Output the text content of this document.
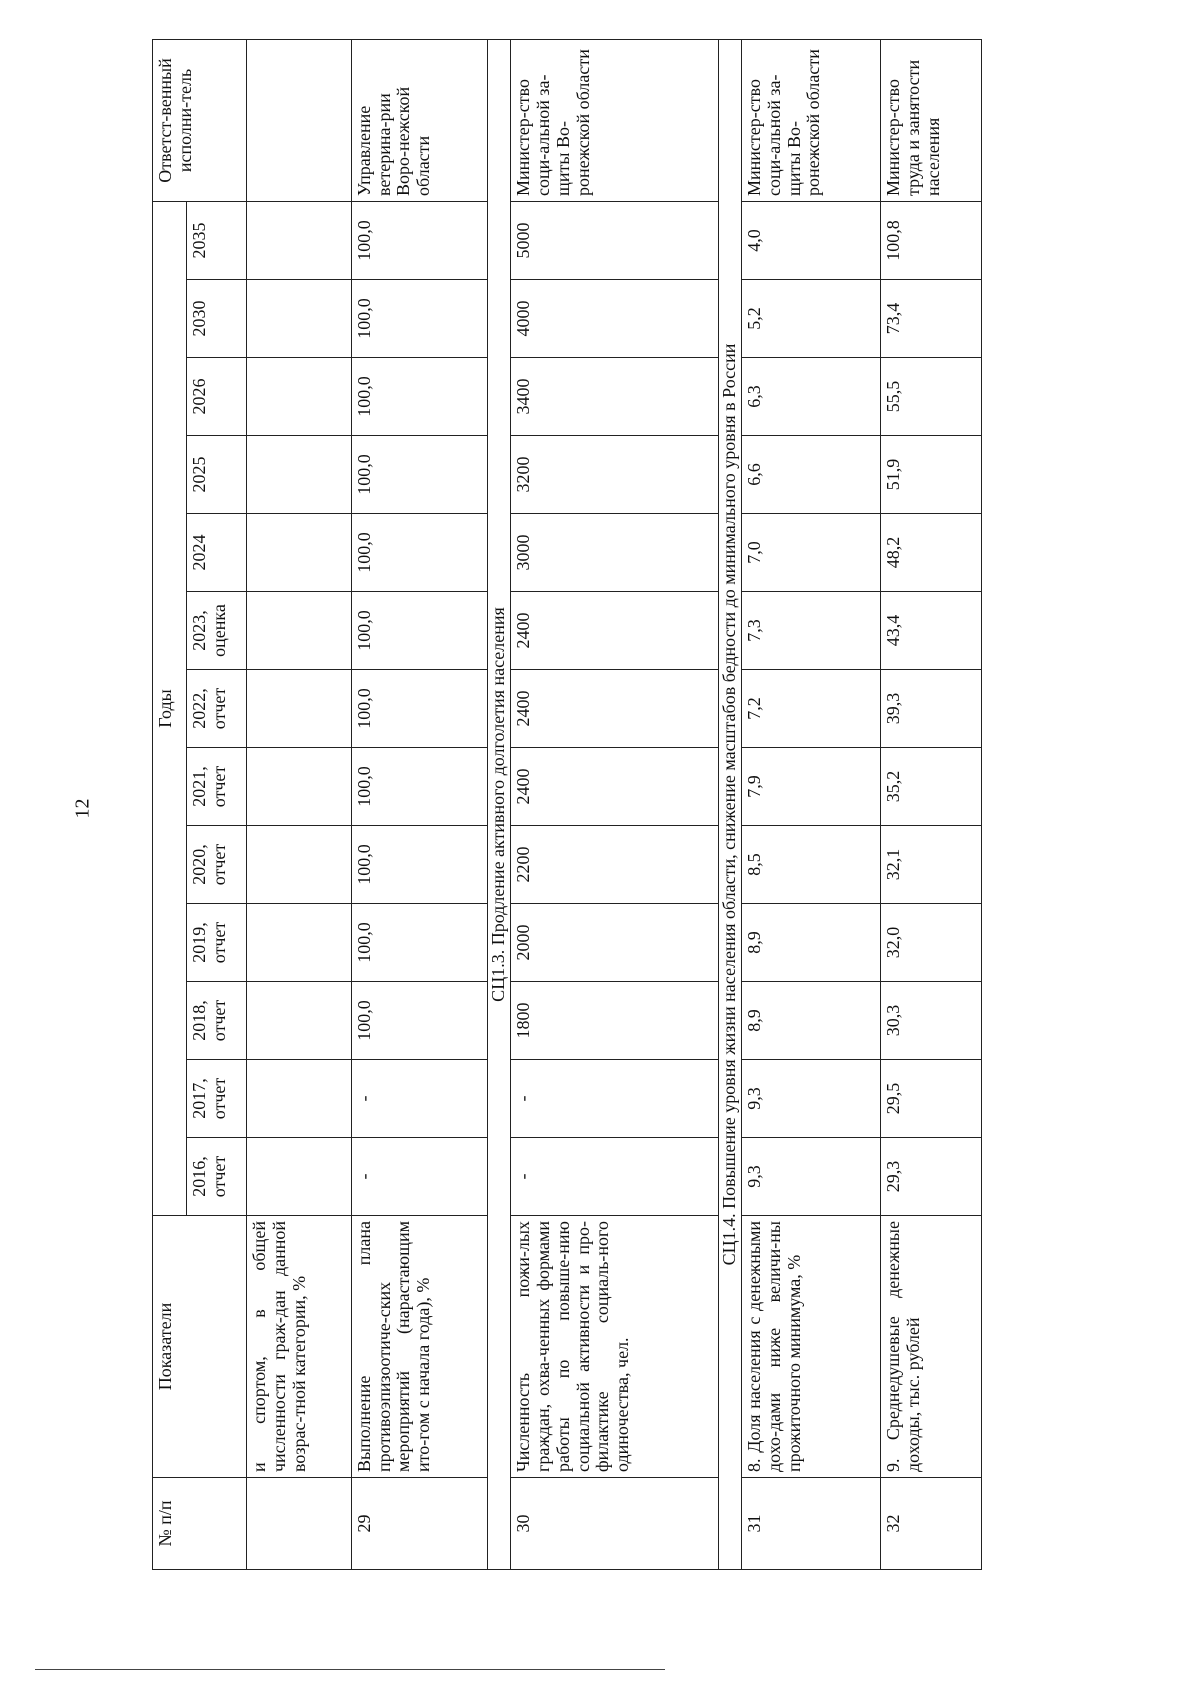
12
№ п/п	Показатели	Годы													Ответст-венный исполни-тель
		2016, отчет	2017, отчет	2018, отчет	2019, отчет	2020, отчет	2021, отчет	2022, отчет	2023, оценка	2024	2025	2026	2030	2035	
	и спортом, в общей численности граж-дан данной возрас-тной категории, %														
29	Выполнение плана противоэпизоотиче-ских мероприятий (нарастающим ито-гом с начала года), %	-	-	100,0	100,0	100,0	100,0	100,0	100,0	100,0	100,0	100,0	100,0	100,0	Управление ветерина-рии Воро-нежской области
СЦ1.3. Продление активного долголетия населения															
30	Численность пожи-лых граждан, охва-ченных формами работы по повыше-нию социальной активности и про-филактике социаль-ного одиночества, чел.	-	-	1800	2000	2200	2400	2400	2400	3000	3200	3400	4000	5000	Министер-ство соци-альной за-щиты Во-ронежской области
СЦ1.4. Повышение уровня жизни населения области, снижение масштабов бедности до минимального уровня в России															
31	8. Доля населения с денежными дохо-дами ниже величи-ны прожиточного минимума, %	9,3	9,3	8,9	8,9	8,5	7,9	7,2	7,3	7,0	6,6	6,3	5,2	4,0	Министер-ство соци-альной за-щиты Во-ронежской области
32	9. Среднедушевые денежные доходы, тыс. рублей	29,3	29,5	30,3	32,0	32,1	35,2	39,3	43,4	48,2	51,9	55,5	73,4	100,8	Министер-ство труда и занятости населения
